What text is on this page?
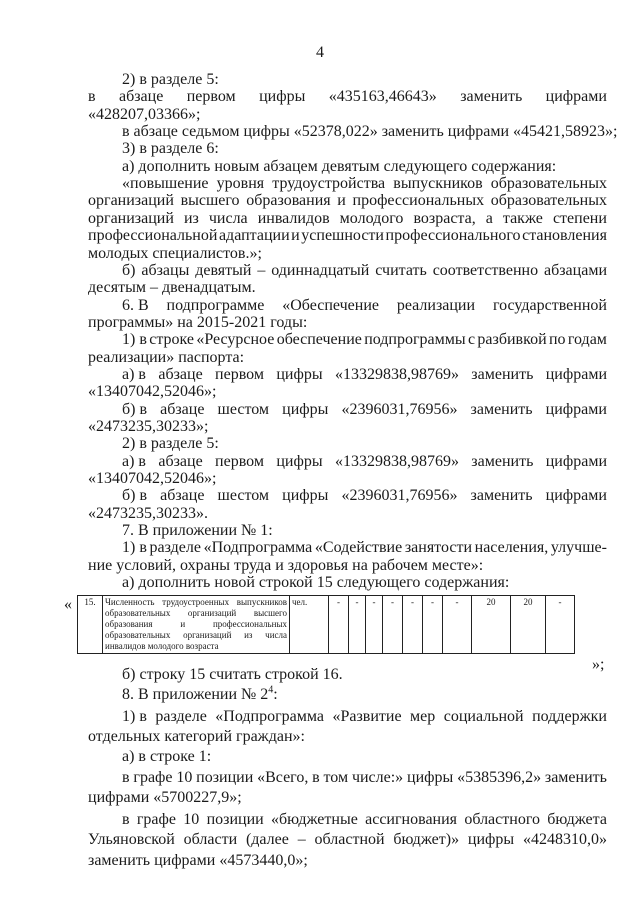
4
2) в разделе 5:
в абзаце первом цифры «435163,46643» заменить цифрами
«428207,03366»;
в абзаце седьмом цифры «52378,022» заменить цифрами «45421,58923»;
3) в разделе 6:
а) дополнить новым абзацем девятым следующего содержания:
«повышение уровня трудоустройства выпускников образовательных
организаций высшего образования и профессиональных образовательных
организаций из числа инвалидов молодого возраста, а также степени
профессиональной адаптации и успешности профессионального становления
молодых специалистов.»;
б) абзацы девятый – одиннадцатый считать соответственно абзацами
десятым – двенадцатым.
6. В подпрограмме «Обеспечение реализации государственной
программы» на 2015-2021 годы:
1) в строке «Ресурсное обеспечение подпрограммы с разбивкой по годам
реализации» паспорта:
а) в абзаце первом цифры «13329838,98769» заменить цифрами
«13407042,52046»;
б) в абзаце шестом цифры «2396031,76956» заменить цифрами
«2473235,30233»;
2) в разделе 5:
а) в абзаце первом цифры «13329838,98769» заменить цифрами
«13407042,52046»;
б) в абзаце шестом цифры «2396031,76956» заменить цифрами
«2473235,30233».
7. В приложении № 1:
1) в разделе «Подпрограмма «Содействие занятости населения, улучше-
ние условий, охраны труда и здоровья на рабочем месте»:
а) дополнить новой строкой 15 следующего содержания:
б) строку 15 считать строкой 16.
8. В приложении № $2^4$:
1) в разделе «Подпрограмма «Развитие мер социальной поддержки
отдельных категорий граждан»:
а) в строке 1:
в графе 10 позиции «Всего, в том числе:» цифры «5385396,2» заменить
цифрами «5700227,9»;
в графе 10 позиции «бюджетные ассигнования областного бюджета
Ульяновской области (далее – областной бюджет)» цифры «4248310,0»
заменить цифрами «4573440,0»;
« 15.	Численность трудоустроенных выпускников образовательных организаций высшего образования и профессиональных образовательных организаций из числа инвалидов молодого возраста	чел.	-	-	-	-	-	-	-	20	20	-
»;
